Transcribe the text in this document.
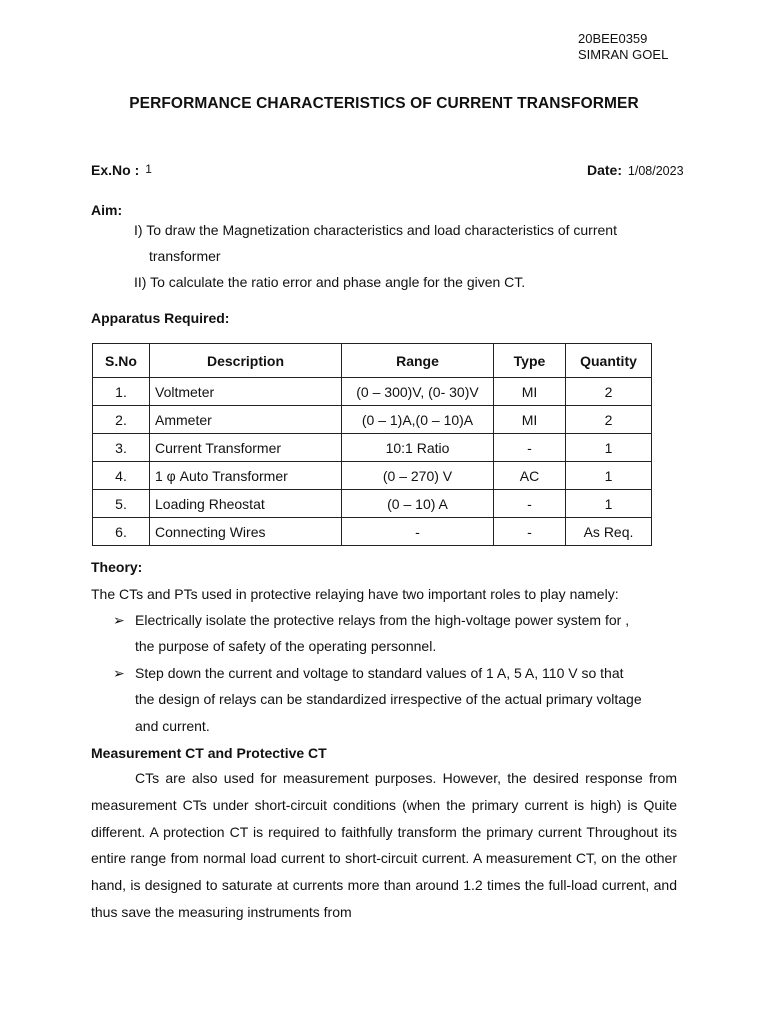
20BEE0359
SIMRAN GOEL
PERFORMANCE CHARACTERISTICS OF CURRENT TRANSFORMER
Ex.No : 1	Date: 1/08/2023
Aim:
I) To draw the Magnetization characteristics and load characteristics of current
transformer
II) To calculate the ratio error and phase angle for the given CT.
Apparatus Required:
S.No	Description	Range	Type	Quantity
1.	Voltmeter	(0 – 300)V, (0- 30)V	MI	2
2.	Ammeter	(0 – 1)A,(0 – 10)A	MI	2
3.	Current Transformer	10:1 Ratio	-	1
4.	1 φ Auto Transformer	(0 – 270) V	AC	1
5.	Loading Rheostat	(0 – 10) A	-	1
6.	Connecting Wires	-	-	As Req.
Theory:
The CTs and PTs used in protective relaying have two important roles to play namely:
➢ Electrically isolate the protective relays from the high-voltage power system for ,
the purpose of safety of the operating personnel.
➢ Step down the current and voltage to standard values of 1 A, 5 A, 110 V so that
the design of relays can be standardized irrespective of the actual primary voltage
and current.
Measurement CT and Protective CT

CTs are also used for measurement purposes. However, the desired response from measurement CTs under short-circuit conditions (when the primary current is high) is Quite different. A protection CT is required to faithfully transform the primary current Throughout its entire range from normal load current to short-circuit current. A measurement CT, on the other hand, is designed to saturate at currents more than around 1.2 times the full-load current, and thus save the measuring instruments from
